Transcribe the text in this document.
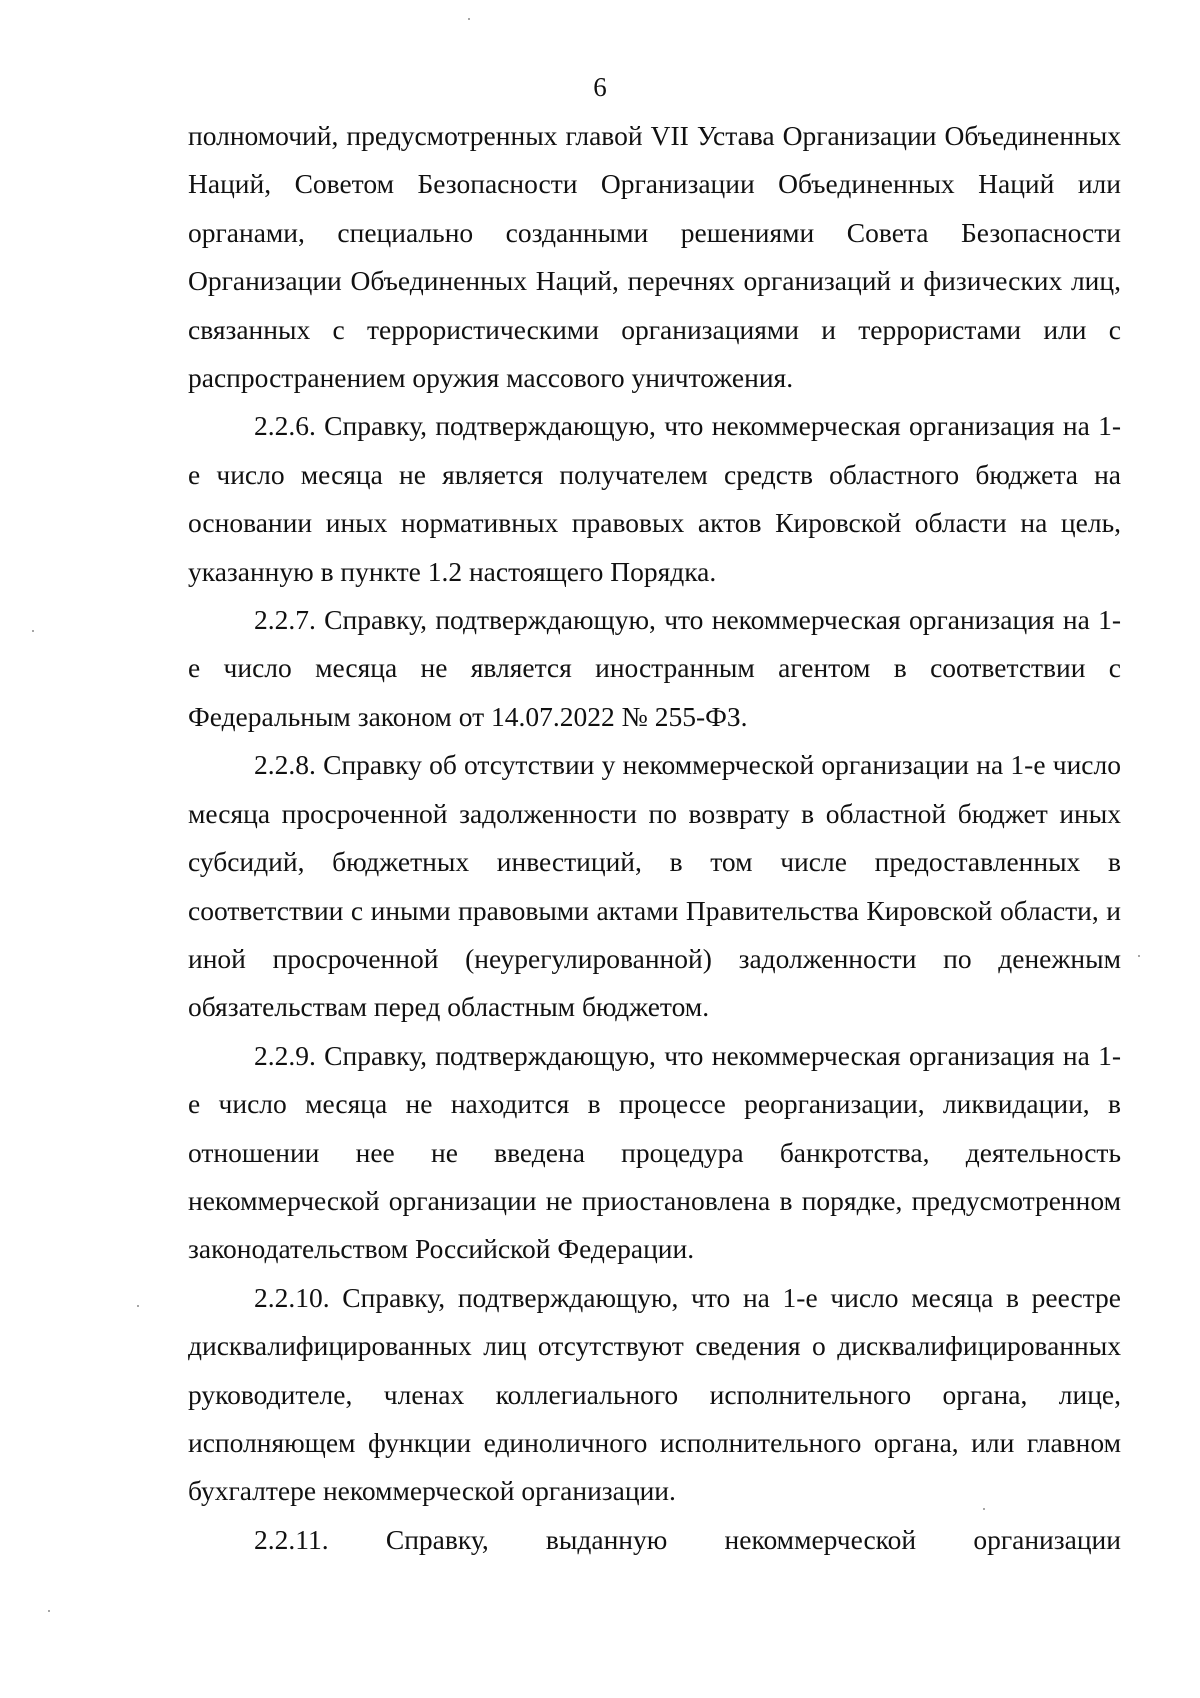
6

полномочий, предусмотренных главой VII Устава Организации Объединенных Наций, Советом Безопасности Организации Объединенных Наций или органами, специально созданными решениями Совета Безопасности Организации Объединенных Наций, перечнях организаций и физических лиц, связанных с террористическими организациями и террористами или с распространением оружия массового уничтожения.

2.2.6. Справку, подтверждающую, что некоммерческая организация на 1-е число месяца не является получателем средств областного бюджета на основании иных нормативных правовых актов Кировской области на цель, указанную в пункте 1.2 настоящего Порядка.

2.2.7. Справку, подтверждающую, что некоммерческая организация на 1-е число месяца не является иностранным агентом в соответствии с Федеральным законом от 14.07.2022 № 255-ФЗ.

2.2.8. Справку об отсутствии у некоммерческой организации на 1-е число месяца просроченной задолженности по возврату в областной бюджет иных субсидий, бюджетных инвестиций, в том числе предоставленных в соответствии с иными правовыми актами Правительства Кировской области, и иной просроченной (неурегулированной) задолженности по денежным обязательствам перед областным бюджетом.

2.2.9. Справку, подтверждающую, что некоммерческая организация на 1-е число месяца не находится в процессе реорганизации, ликвидации, в отношении нее не введена процедура банкротства, деятельность некоммерческой организации не приостановлена в порядке, предусмотренном законодательством Российской Федерации.

2.2.10. Справку, подтверждающую, что на 1-е число месяца в реестре дисквалифицированных лиц отсутствуют сведения о дисквалифицированных руководителе, членах коллегиального исполнительного органа, лице, исполняющем функции единоличного исполнительного органа, или главном бухгалтере некоммерческой организации.

2.2.11. Справку, выданную некоммерческой организации
